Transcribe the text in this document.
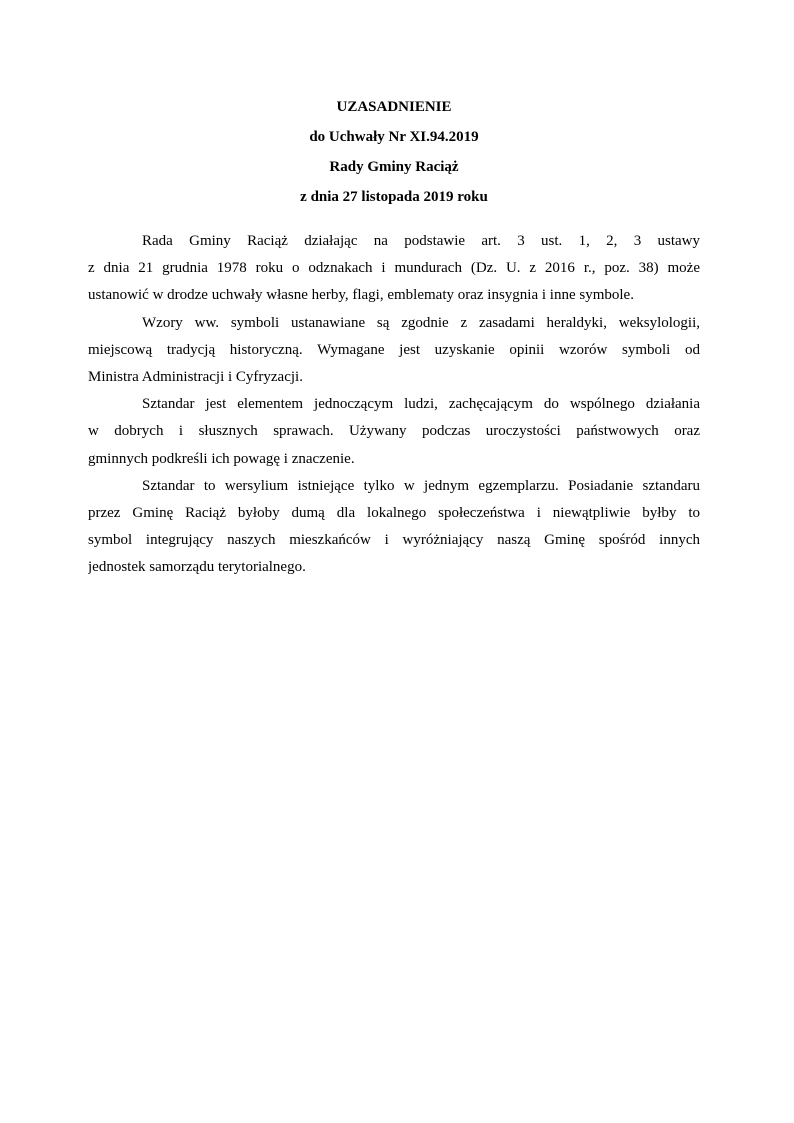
UZASADNIENIE
do Uchwały Nr XI.94.2019
Rady Gminy Raciąż
z dnia 27 listopada 2019 roku
Rada Gminy Raciąż działając na podstawie art. 3 ust. 1, 2, 3 ustawy
z dnia 21 grudnia 1978 roku o odznakach i mundurach (Dz. U. z 2016 r., poz. 38) może
ustanowić w drodze uchwały własne herby, flagi, emblematy oraz insygnia i inne symbole.
Wzory ww. symboli ustanawiane są zgodnie z zasadami heraldyki, weksylologii,
miejscową tradycją historyczną. Wymagane jest uzyskanie opinii wzorów symboli od
Ministra Administracji i Cyfryzacji.
Sztandar jest elementem jednoczącym ludzi, zachęcającym do wspólnego działania
w dobrych i słusznych sprawach. Używany podczas uroczystości państwowych oraz
gminnych podkreśli ich powagę i znaczenie.
Sztandar to wersylium istniejące tylko w jednym egzemplarzu. Posiadanie sztandaru
przez Gminę Raciąż byłoby dumą dla lokalnego społeczeństwa i niewątpliwie byłby to
symbol integrujący naszych mieszkańców i wyróżniający naszą Gminę spośród innych
jednostek samorządu terytorialnego.
